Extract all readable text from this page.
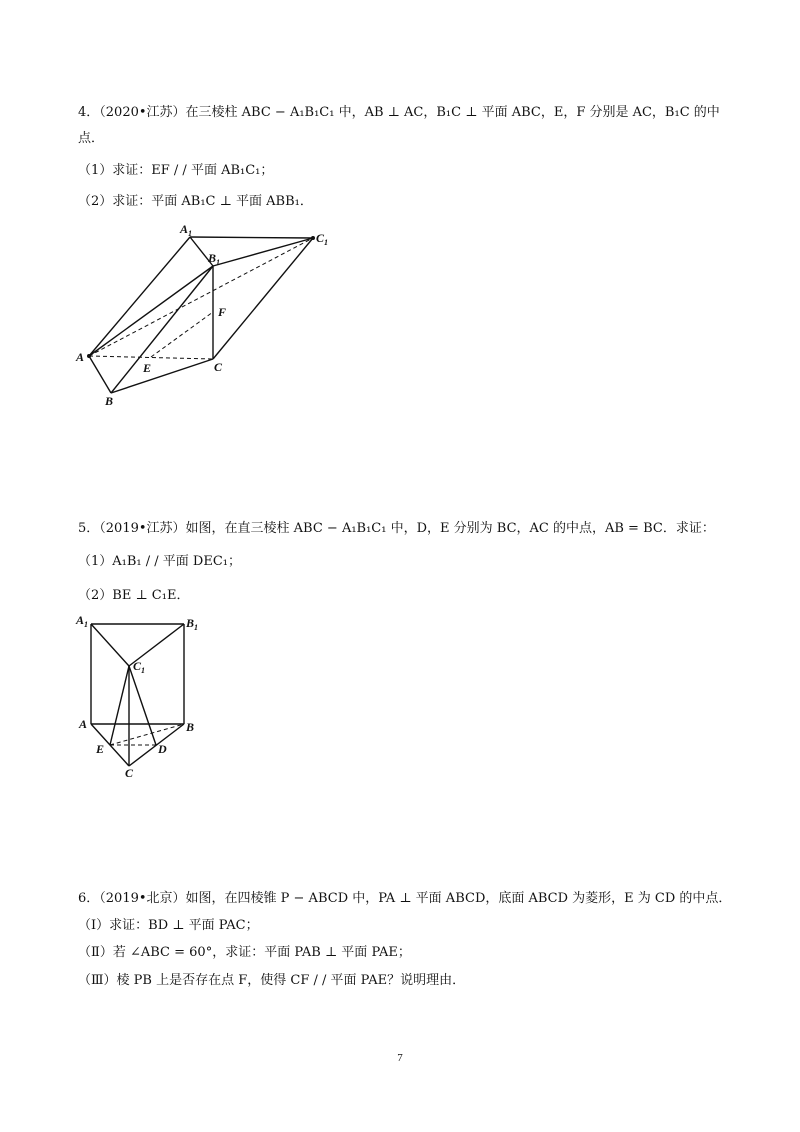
4．（2020•江苏）在三棱柱 ABC − A₁B₁C₁ 中，AB ⊥ AC，B₁C ⊥ 平面 ABC，E，F 分别是 AC，B₁C 的中
点．
（1）求证：EF / / 平面 AB₁C₁；
（2）求证：平面 AB₁C ⊥ 平面 ABB₁．
$A_1$
$B_1$
$C_1$
F
A
E	C
B
5．（2019•江苏）如图，在直三棱柱 ABC − A₁B₁C₁ 中，D，E 分别为 BC，AC 的中点，AB = BC．求证：
（1）A₁B₁ / / 平面 DEC₁；
（2）BE ⊥ C₁E．
$A_1$	$B_1$
$C_1$
A	B
E	D
C
6．（2019•北京）如图，在四棱锥 P − ABCD 中，PA ⊥ 平面 ABCD，底面 ABCD 为菱形，E 为 CD 的中点．
（Ⅰ）求证：BD ⊥ 平面 PAC；
（Ⅱ）若 ∠ABC = 60°，求证：平面 PAB ⊥ 平面 PAE；
（Ⅲ）棱 PB 上是否存在点 F，使得 CF / / 平面 PAE？说明理由．
7
